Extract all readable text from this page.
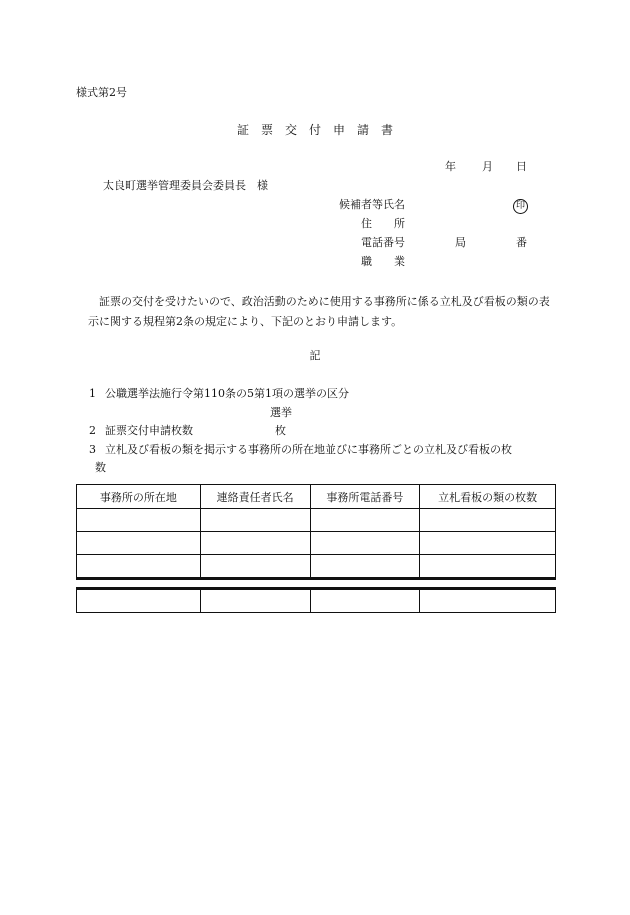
様式第2号
証　票　交　付　申　請　書
年 月 日
太良町選挙管理委員会委員長　様
候補者等氏名	印
住　　所
電話番号	局	番
職　　業
証票の交付を受けたいので、政治活動のために使用する事務所に係る立札及び看板の類の表示に関する規程第2条の規定により、下記のとおり申請します。
記
1 公職選挙法施行令第110条の5第1項の選挙の区分
選挙
2 証票交付申請枚数	枚
3 立札及び看板の類を掲示する事務所の所在地並びに事務所ごとの立札及び看板の枚
数
事務所の所在地	連絡責任者氏名	事務所電話番号	立札看板の類の枚数
